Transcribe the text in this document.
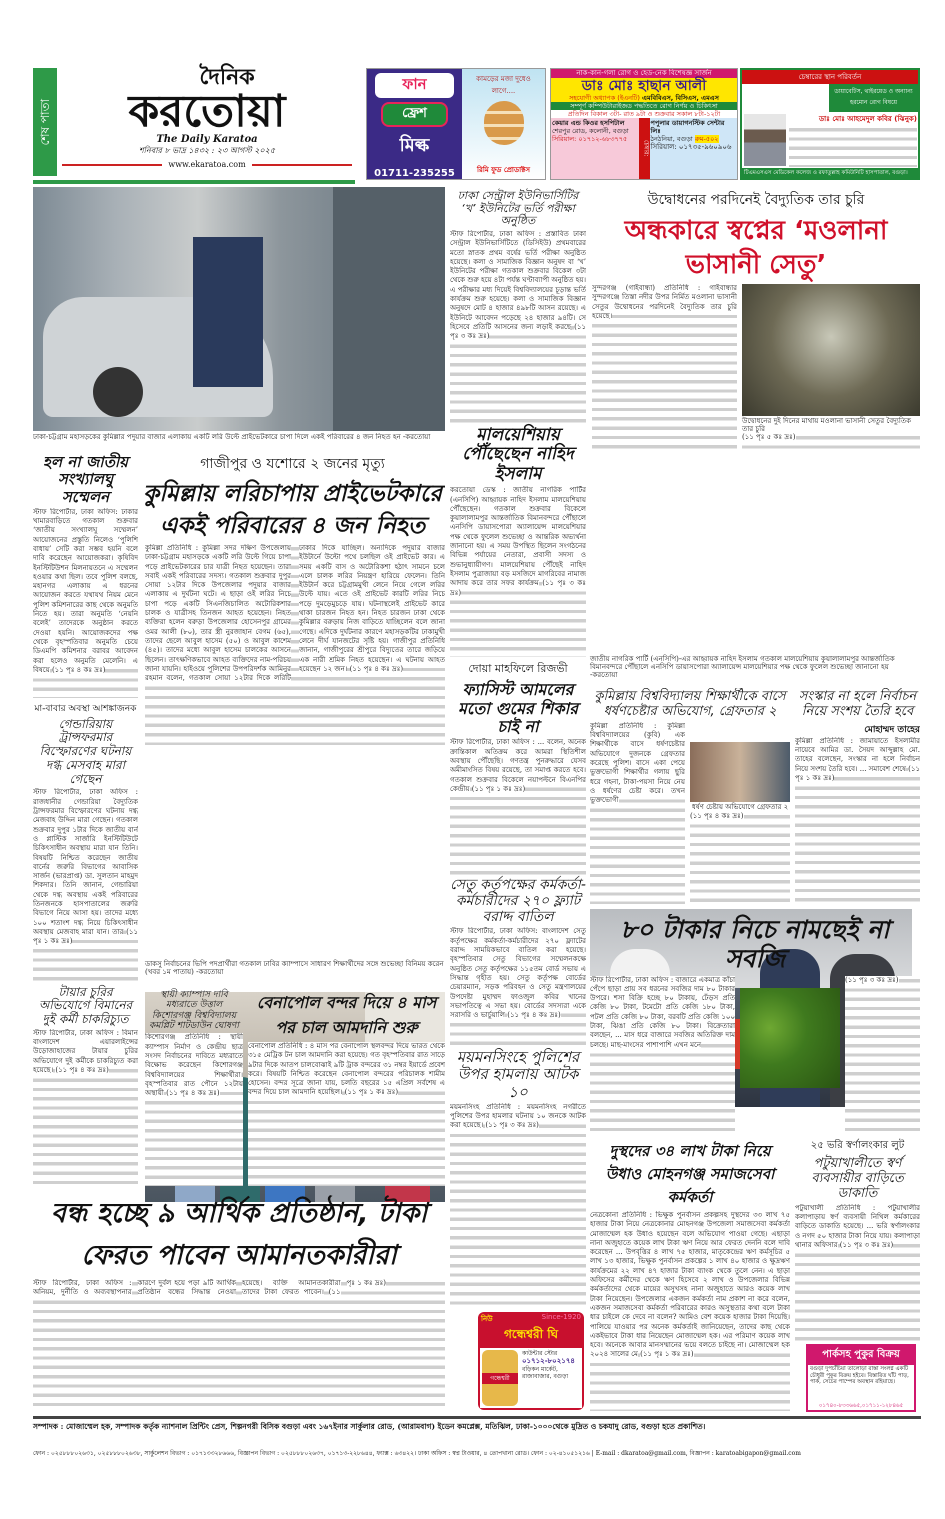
শেষ পাতা
দৈনিক
করতোয়া
The Daily Karatoa
শনিবার ৮ ভাদ্র ১৪৩২ : ২৩ আগস্ট ২০২৫
www.ekaratoa.com
ফান
ফ্রেশ
মিল্ক
01711-235255
কামড়ের মজা দুধেও লাগে....
রিমি ফুড প্রোডাক্টস
নাক-কান-গলা রোগ ও হেড-নেক বিশেষজ্ঞ সার্জন
ডাঃ মোঃ হাছান আলী
সহযোগী অধ্যাপক (ইএনটি) এমবিবিএস, বিসিএস, এমএস
সম্পূর্ণ কম্পিউটারাইজড পদ্ধতিতে রোগ নির্ণয় ও চিকিৎসা
প্রতিদিন বিকাল ৩টা- রাত ৯টা ও শুক্রবার সকাল ৮টা-১২টা
কেয়ার এন্ড কিওর হসপিটাল
শেরপুর রোড, কলোনী, বগুড়া
সিরিয়াল: ০১৭১২-৬৮৩৭৭৫
চেম্বার:
পপুলার ডায়াগনস্টিক সেন্টার লিঃ
ঠনঠনিয়া, বগুড়া রুম-৫০২
সিরিয়াল: ০১৭৩৫-৯৬০৯০৬
চেম্বারের স্থান পরিবর্তন
ডায়াবেটিস, থাইরয়েড ও অন্যান্য হরমোন রোগ বিষয়ে
ডাঃ মোঃ আহমেদুল কবির (ঝিনুক)
টিএমএসএস মেডিকেল কলেজ ও রফাতুল্লাহ কমিউনিটি হাসপাতাল, বগুড়া।
ঢাকা-চট্টগ্রাম মহাসড়কের কুমিল্লার পদুয়ার বাজার এলাকায় একটি লরি উল্টে প্রাইভেটকারে চাপা দিলে একই পরিবারের ৪ জন নিহত হন -করতোয়া
ঢাকা সেন্ট্রাল ইউনিভার্সিটির ‘খ’ ইউনিটের ভর্তি পরীক্ষা অনুষ্ঠিত
স্টাফ রিপোর্টার, ঢাকা অফিস : প্রস্তাবিত ঢাকা সেন্ট্রাল ইউনিভার্সিটিতে (ডিসিইউ) প্রথমবারের মতো স্নাতক প্রথম বর্ষের ভর্তি পরীক্ষা অনুষ্ঠিত হয়েছে। কলা ও সামাজিক বিজ্ঞান অনুষদ বা ‘খ’ ইউনিটের পরীক্ষা গতকাল শুক্রবার বিকেল ৩টা থেকে শুরু হয়ে ৪টা পর্যন্ত ঘণ্টাব্যাপী অনুষ্ঠিত হয়। এ পরীক্ষার মধ্য দিয়েই বিশ্ববিদ্যালয়ের চূড়ান্ত ভর্তি কার্যক্রম শুরু হয়েছে। কলা ও সামাজিক বিজ্ঞান অনুষদে মোট ৪ হাজার ৪৯৮টি আসন রয়েছে। এ ইউনিটে আবেদন পড়েছে ২৪ হাজার ৯৪টি। সে হিসেবে প্রতিটি আসনের জন্য লড়াই করছে (১১ পৃঃ ৩ কঃ দ্রঃ)
মালয়েশিয়ায় পৌঁছেছেন নাহিদ ইসলাম
করতোয়া ডেস্ক : জাতীয় নাগরিক পার্টির (এনসিপি) আহ্বায়ক নাহিদ ইসলাম মালয়েশিয়ায় পৌঁছেছেন। গতকাল শুক্রবার বিকেলে কুয়ালালামপুর আন্তর্জাতিক বিমানবন্দরে পৌঁছালে এনসিপি ডায়াসপোরা অ্যালায়েন্স মালয়েশিয়ার পক্ষ থেকে ফুলেল শুভেচ্ছা ও আন্তরিক অভ্যর্থনা জানানো হয়। এ সময় উপস্থিত ছিলেন সংগঠনের বিভিন্ন পর্যায়ের নেতারা, প্রবাসী সদস্য ও শুভানুধ্যায়ীগণ। মালয়েশিয়ায় পৌঁছেই নাহিদ ইসলাম পুত্রাজায়া বড় মসজিদে মাগরিবের নামাজ আদায় করে তার সফর কার্যক্রম (১১ পৃঃ ৩ কঃ দ্রঃ)
দোয়া মাহফিলে রিজভী
ফ্যাসিস্ট আমলের মতো গুমের শিকার চাই না
স্টাফ রিপোর্টার, ঢাকা অফিস : ... বলেন, অনেক ক্রান্তিকাল অতিক্রম করে আমরা স্থিতিশীল অবস্থায় পৌঁছেছি। গণতন্ত্র পুনরুদ্ধারে যেসব অমীমাংসিত বিষয় রয়েছে, তা সমাপ্ত করতে হবে। গতকাল শুক্রবার বিকেলে নয়াপল্টনে বিএনপির কেন্দ্রীয় (১১ পৃঃ ১ কঃ দ্রঃ)
সেতু কর্তৃপক্ষের কর্মকর্তা-কর্মচারীদের ২৭০ ফ্ল্যাট বরাদ্দ বাতিল
স্টাফ রিপোর্টার, ঢাকা অফিস: বাংলাদেশ সেতু কর্তৃপক্ষের কর্মকর্তা-কর্মচারীদের ২৭০ ফ্ল্যাটের বরাদ্দ সাময়িকভাবে বাতিল করা হয়েছে। বৃহস্পতিবার সেতু বিভাগের সম্মেলনকক্ষে অনুষ্ঠিত সেতু কর্তৃপক্ষের ১১৫তম বোর্ড সভায় এ সিদ্ধান্ত গৃহীত হয়। সেতু কর্তৃপক্ষ বোর্ডের চেয়ারম্যান, সড়ক পরিবহন ও সেতু মন্ত্রণালয়ের উপদেষ্টা মুহাম্মদ ফাওজুল কবির খানের সভাপতিত্বে এ সভা হয়। বোর্ডের সদস্যরা একে সরাসরি ও ভার্চুয়ালি (১১ পৃঃ ৪ কঃ দ্রঃ)
ময়মনসিংহে পুলিশের উপর হামলায় আটক ১০
ময়মনসিংহ প্রতিনিধি : ময়মনসিংহ নগরীতে পুলিশের উপর হামলার ঘটনায় ১০ জনকে আটক করা হয়েছে। (১১ পৃঃ ৩ কঃ দ্রঃ)
উদ্বোধনের পরদিনেই বৈদ্যুতিক তার চুরি
অন্ধকারে স্বপ্নের ‘মওলানা ভাসানী সেতু’
সুন্দরগঞ্জ (গাইবান্ধা) প্রতিনিধি : গাইবান্ধার সুন্দরগঞ্জে তিস্তা নদীর উপর নির্মিত মওলানা ভাসানী সেতুর উদ্বোধনের পরদিনেই বৈদ্যুতিক তার চুরি হয়েছে।
উদ্বোধনের দুই দিনের মাথায় মওলানা ভাসানী সেতুর বৈদ্যুতিক তার চুরি
(১১ পৃঃ ৫ কঃ দ্রঃ)
হল না জাতীয় সংখ্যালঘু সম্মেলন
স্টাফ রিপোর্টার, ঢাকা অফিস: ঢাকার খামারবাড়িতে গতকাল শুক্রবার ‘জাতীয় সংখ্যালঘু সম্মেলন’ আয়োজনের প্রস্তুতি নিলেও ‘পুলিশি বাধায়’ সেটি করা সম্ভব হয়নি বলে দাবি করেছেন আয়োজকরা। কৃষিবিদ ইনস্টিটিউশন মিলনায়তনে এ সম্মেলন হওয়ার কথা ছিল। তবে পুলিশ বলছে, মহানগর এলাকায় এ ধরনের আয়োজন করতে যথাযথ নিয়ম মেনে পুলিশ কমিশনারের কাছ থেকে অনুমতি নিতে হয়। তারা অনুমতি ‘নেয়নি বলেই’ তাদেরকে অনুষ্ঠান করতে দেওয়া হয়নি। আয়োজকদের পক্ষ থেকে বৃহস্পতিবার অনুমতি চেয়ে ডিএমপি কমিশনার বরাবর আবেদন করা হলেও অনুমতি মেলেনি। এ বিষয়ে (১১ পৃঃ ৪ কঃ দ্রঃ)
মা-বাবার অবস্থা আশঙ্কাজনক
গেন্ডারিয়ায় ট্রান্সফরমার বিস্ফোরণের ঘটনায় দগ্ধ মেসবাহ মারা গেছেন
স্টাফ রিপোর্টার, ঢাকা অফিস : রাজধানীর গেন্ডারিয়া বৈদ্যুতিক ট্রান্সফরমার বিস্ফোরণের ঘটনায় দগ্ধ মেজবাহ উদ্দিন মারা গেছেন। গতকাল শুক্রবার দুপুর ১টার দিকে জাতীয় বার্ন ও প্লাস্টিক সার্জারি ইনস্টিটিউটে চিকিৎসাধীন অবস্থায় মারা যান তিনি। বিষয়টি নিশ্চিত করেছেন জাতীয় বার্নের জরুরি বিভাগের আবাসিক সার্জন (ভারপ্রাপ্ত) ডা. সুলতান মাহমুদ শিকদার। তিনি জানান, গেন্ডারিয়া থেকে দগ্ধ অবস্থায় একই পরিবারের তিনজনকে হাসপাতালের জরুরি বিভাগে নিয়ে আসা হয়। তাদের মধ্যে ১০০ শতাংশ দগ্ধ নিয়ে চিকিৎসাধীন অবস্থায় মেজবাহ মারা যান। তার (১১ পৃঃ ১ কঃ দ্রঃ)
টায়ার চুরির অভিযোগে বিমানের দুই কর্মী চাকরিচ্যুত
স্টাফ রিপোর্টার, ঢাকা অফিস : বিমান বাংলাদেশ এয়ারলাইন্সের উড়োজাহাজের টায়ার চুরির অভিযোগে দুই কর্মীকে চাকরিচ্যুত করা হয়েছে। (১১ পৃঃ ৪ কঃ দ্রঃ)
গাজীপুর ও যশোরে ২ জনের মৃত্যু
কুমিল্লায় লরিচাপায় প্রাইভেটকারে একই পরিবারের ৪ জন নিহত
কুমিল্লা প্রতিনিধি : কুমিল্লা সদর দক্ষিণ উপজেলায় ঢাকা-চট্টগ্রাম মহাসড়কে একটি লরি উল্টে গিয়ে চাপা পড়ে প্রাইভেটকারের চার যাত্রী নিহত হয়েছেন। তারা সবাই একই পরিবারের সদস্য। গতকাল শুক্রবার দুপুর সোয়া ১২টার দিকে উপজেলার পদুয়ার বাজার এলাকায় এ দুর্ঘটনা ঘটে। এ ছাড়া ওই লরির নিচে চাপা পড়ে একটি সিএনজিচালিত অটোরিকশার চালক ও যাত্রীসহ তিনজন আহত হয়েছেন। নিহত ব্যক্তিরা হলেন বরুড়া উপজেলার হোসেনপুর গ্রামের ওমর আলী (৮০), তার স্ত্রী নুরজাহান বেগম (৬৫), তাদের ছেলে আবুল হাসেম (৫০) ও আবুল কাশেম (৪৫)। তাদের মধ্যে আবুল হাসেম চালকের আসনে ছিলেন। তাৎক্ষণিকভাবে আহত ব্যক্তিদের নাম-পরিচয় জানা যায়নি। হাইওয়ে পুলিশের উপপরিদর্শক আমিনুর রহমান বলেন, গতকাল সোয়া ১২টার দিকে লরিটি ঢাকার দিকে যাচ্ছিল। অন্যদিকে পদুয়ার বাজার ইউটার্নে উল্টো পথে চলছিল ওই প্রাইভেট কার। এ সময় একটি বাস ও অটোরিকশা হঠাৎ সামনে চলে এলে চালক লরির নিয়ন্ত্রণ হারিয়ে ফেলেন। তিনি ইউটার্ন করে চট্টগ্রামমুখী লেনে নিয়ে গেলে লরির উল্টে যায়। এতে ওই প্রাইভেট কারটি লরির নিচে পড়ে দুমড়েমুচড়ে যায়। ঘটনাস্থলেই প্রাইভেট কারে থাকা চারজন নিহত হন। নিহত চারজন ঢাকা থেকে কুমিল্লার বরুড়ায় নিজ বাড়িতে যাচ্ছিলেন বলে জানা গেছে। এদিকে দুর্ঘটনার কারণে মহাসড়কটির ঢাকামুখী লেনে দীর্ঘ যানজটের সৃষ্টি হয়। গাজীপুর প্রতিনিধি জানান, গাজীপুরের শ্রীপুরে বিদ্যুতের তারে জড়িয়ে এক নারী শ্রমিক নিহত হয়েছেন। এ ঘটনায় আহত হয়েছেন ১২ জন। (১১ পৃঃ ৪ কঃ দ্রঃ)
ডাকসু নির্বাচনের ভিপি পদপ্রার্থীরা গতকাল ঢাবির ক্যাম্পাসে সাধারণ শিক্ষার্থীদের সঙ্গে শুভেচ্ছা বিনিময় করেন (খবর ১ম পাতায়) -করতোয়া
স্থায়ী ক্যাম্পাস দাবি মধ্যরাতে উত্তাল কিশোরগঞ্জ বিশ্ববিদ্যালয় কমপ্লিট শাটডাউন ঘোষণা
কিশোরগঞ্জ প্রতিনিধি : স্থায়ী ক্যাম্পাস নির্মাণ ও কেন্দ্রীয় ছাত্র সংসদ নির্বাচনের দাবিতে মধ্যরাতে বিক্ষোভ করেছেন কিশোরগঞ্জ বিশ্ববিদ্যালয়ের শিক্ষার্থীরা। বৃহস্পতিবার রাত পৌনে ১২টায় অস্থায়ী (১১ পৃঃ ৪ কঃ দ্রঃ)
বেনাপোল বন্দর দিয়ে ৪ মাস পর চাল আমদানি শুরু
বেনাপোল প্রতিনিধি : ৪ মাস পর বেনাপোল স্থলবন্দর দিয়ে ভারত থেকে ৩১৫ মেট্রিক টন চাল আমদানি করা হয়েছে। গত বৃহস্পতিবার রাত সাড়ে ৯টার দিকে আতপ চালবোঝাই ৯টি ট্রাক বন্দরের ৩১ নম্বর ইয়ার্ডে প্রবেশ করে। বিষয়টি নিশ্চিত করেছেন বেনাপোল বন্দরের পরিচালক শামীম হোসেন। বন্দর সূত্রে জানা যায়, চলতি বছরের ১৫ এপ্রিল সর্বশেষ এ বন্দর দিয়ে চাল আমদানি হয়েছিল। (১১ পৃঃ ১ কঃ দ্রঃ)
বন্ধ হচ্ছে ৯ আর্থিক প্রতিষ্ঠান, টাকা ফেরত পাবেন আমানতকারীরা
স্টাফ রিপোর্টার, ঢাকা অফিস : অনিয়ম, দুর্নীতি ও অব্যবস্থাপনার কারণে দুর্বল হয়ে পড়া ৯টি আর্থিক প্রতিষ্ঠান বন্ধের সিদ্ধান্ত নেওয়া হয়েছে। ব্যক্তি আমানতকারীরা তাদের টাকা ফেরত পাবেন। (১১ পৃঃ ১ কঃ দ্রঃ)
জাতীয় নাগরিক পার্টি (এনসিপি)-এর আহ্বায়ক নাহিদ ইসলাম গতকাল মালয়েশিয়ায় কুয়ালালামপুর আন্তর্জাতিক বিমানবন্দরে পৌঁছালে এনসিপি ডায়াসপোরা অ্যালায়েন্স মালয়েশিয়ার পক্ষ থেকে ফুলেল শুভেচ্ছা জানানো হয় -করতোয়া
কুমিল্লায় বিশ্ববিদ্যালয় শিক্ষার্থীকে বাসে ধর্ষণচেষ্টার অভিযোগ, গ্রেফতার ২
কুমিল্লা প্রতিনিধি : কুমিল্লা বিশ্ববিদ্যালয়ের (কুবি) এক শিক্ষার্থীকে বাসে ধর্ষণচেষ্টার অভিযোগে দুজনকে গ্রেফতার করেছে পুলিশ। বাসে একা পেয়ে ভুক্তভোগী শিক্ষার্থীর গলায় ছুরি ধরে গহনা, টাকা-পয়সা নিয়ে নেয় ও ধর্ষণের চেষ্টা করে। তখন ভুক্তভোগী
ধর্ষণ চেষ্টায় অভিযোগে গ্রেফতার ২
(১১ পৃঃ ৪ কঃ দ্রঃ)
সংস্কার না হলে নির্বাচন নিয়ে সংশয় তৈরি হবে
মোহাম্মদ তাহের
কুমিল্লা প্রতিনিধি : জামায়াতে ইসলামীর নায়েবে আমির ডা. সৈয়দ আব্দুল্লাহ মো. তাহের বলেছেন, সংস্কার না হলে নির্বাচন নিয়ে সংশয় তৈরি হবে। ... সমাবেশ শেষে (১১ পৃঃ ১ কঃ দ্রঃ)
৮০ টাকার নিচে নামছেই না সবজি
স্টাফ রিপোর্টার, ঢাকা অফিস : বাজারে একমাত্র কাঁচা পেঁপে ছাড়া প্রায় সব ধরনের সবজির দাম ৮০ টাকার উপরে। শসা বিক্রি হচ্ছে ৮০ টাকায়, ঢেঁড়স প্রতি কেজি ৮০ টাকা, টমেটো প্রতি কেজি ১৮০ টাকা, পটল প্রতি কেজি ৮০ টাকা, বরবটি প্রতি কেজি ১০০ টাকা, ঝিঙা প্রতি কেজি ৮০ টাকা। বিক্রেতারা বলছেন, ... মাস ধরে বাজারে সবজির অতিরিক্ত দাম চলছে। মাছ-মাংসের পাশাপাশি এখন মনে
(১১ পৃঃ ৩ কঃ দ্রঃ)
দুস্থদের ৩৪ লাখ টাকা নিয়ে উধাও মোহনগঞ্জ সমাজসেবা কর্মকর্তা
নেত্রকোনা প্রতিনিধি : ভিক্ষুক পুনর্বাসন প্রকল্পসহ দুস্থদের ৩৩ লাখ ৭৫ হাজার টাকা নিয়ে নেত্রকোনার মোহনগঞ্জ উপজেলা সমাজসেবা কর্মকর্তা মোজাম্মেল হক উধাও হয়েছেন বলে অভিযোগ পাওয়া গেছে। এছাড়া নানা অজুহাতে কয়েক লাখ টাকা ঋণ নিয়ে আর ফেরত দেননি বলে দাবি করেছেন ... উপবৃত্তির ৪ লাখ ৭৫ হাজার, মাতৃকেন্দ্রের ঋণ কর্মসূচির ৫ লাখ ১৩ হাজার, ভিক্ষুক পুনর্বাসন প্রকল্পের ১ লাখ ৪০ হাজার ও ক্ষুদ্রঋণ কার্যক্রমের ২২ লাখ ৪৭ হাজার টাকা ব্যাংক থেকে তুলে নেন। এ ছাড়া অফিসের কর্মীদের থেকে ঋণ হিসেবে ২ লাখ ও উপজেলার বিভিন্ন কর্মকর্তাদের থেকে মায়ের অসুখসহ নানা অজুহাতে আরও কয়েক লাখ টাকা নিয়েছেন। উপজেলার একজন কর্মকর্তা নাম প্রকাশ না করে বলেন, একজন সমাজসেবা কর্মকর্তা পরিবারের কারও অসুস্থতার কথা বলে টাকা ধার চাইলে কে দেবে না বলেন? আমিও বেশ কয়েক হাজার টাকা দিয়েছি। পালিয়ে যাওয়ার পর অনেক কর্মকর্তাই জানিয়েছেন, তাদের কাছ থেকে একইভাবে টাকা ধার নিয়েছেন মোজাম্মেল হক। এর পরিমাণ কয়েক লাখ হবে। অনেকে আবার মানসম্মানের ভয়ে বলতে চাইছে না। মোজাম্মেল হক ২০২৪ সালের মে (১১ পৃঃ ১ কঃ দ্রঃ)
২৫ ভরি স্বর্ণালংকার লুট
পটুয়াখালীতে স্বর্ণ ব্যবসায়ীর বাড়িতে ডাকাতি
পটুয়াখালী প্রতিনিধি : পটুয়াখালীর কলাপাড়ায় স্বর্ণ ব্যবসায়ী নিখিল কর্মকারের বাড়িতে ডাকাতি হয়েছে। ... ভরি স্বর্ণালংকার ও নগদ ৫০ হাজার টাকা নিয়ে যায়। কলাপাড়া থানার অফিসার (১১ পৃঃ ৩ কঃ দ্রঃ)
নিউ	Since-1920
গন্ধেশ্বরী ঘি
গন্ধেশ্বরী
কাউন্টার স্টোর
০১৭১২-৮০২১৭৪
বড়িকন মার্কেট, রাজাবাজার, বগুড়া
পার্কসহ পুকুর বিক্রয়
বগুড়া দুপচাঁচিয়া তালোড়া রাস্তা সংলগ্ন একটি চৌধুরী পুকুর বিক্রয় হইবে। বিস্তারিত ঘাঁট পাড়, পার্ক, সেচের পাম্পের অবস্থান রহিয়াছে।
০১৭৪০-৮৩৩৬৬৫,০১৭১১-১২৮৪৬৫
সম্পাদক : মোজাম্মেল হক, সম্পাদক কর্তৃক ন্যাশনাল প্রিন্টিং প্রেস, শিল্পনগরী বিসিক বগুড়া এবং ১৬৭ইনার সার্কুলার রোড, (আরামবাগ) ইডেন কমপ্লেক্স, মতিঝিল, ঢাকা-১০০০থেকে মুদ্রিত ও চকযাদু রোড, বগুড়া হতে প্রকাশিত।
ফোন : ০২৫৮৮৮০২৬৩১, ০২৫৮৮৮০২৬৩৮, সার্কুলেশন বিভাগ : ০১৭১৩৩২৮৬৬৬, বিজ্ঞাপন বিভাগ : ০২৫৮৮৮০২৬৩৭, ০১৭১৩-২২৮৬৪৪, ফ্যাক্স : ৬৩৪২২। ঢাকা অফিস : স্বপ্ন টাওয়ার, ৪ তোপখানা রোড। ফোন : ০২-৪১০৫১২১৬ | E-mail : dkaratoa@gmail.com, বিজ্ঞাপন : karatoabigapon@gmail.com
